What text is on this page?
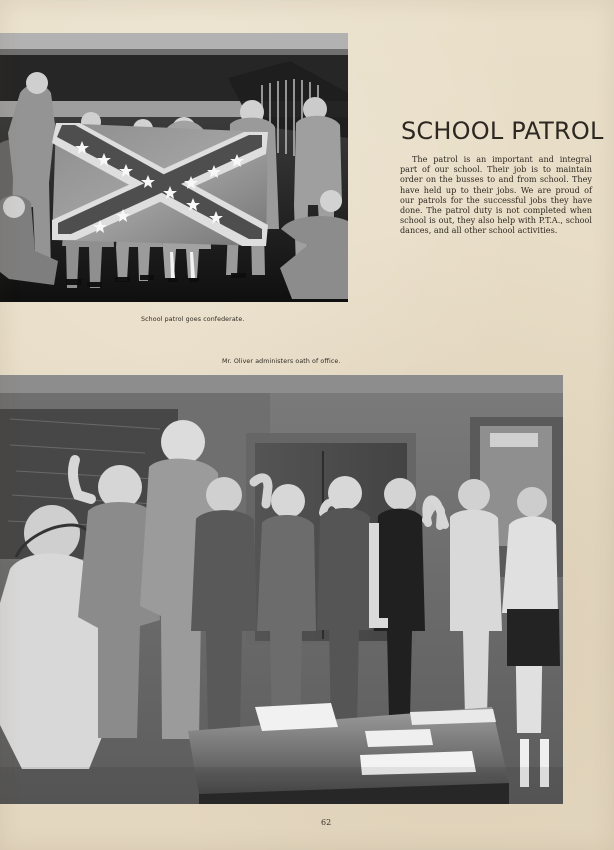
School patrol goes confederate.
SCHOOL PATROL
The patrol is an important and integral part of our school. Their job is to maintain order on the busses to and from school. They have held up to their jobs. We are proud of our patrols for the successful jobs they have done. The patrol duty is not completed when school is out, they also help with P.T.A., school dances, and all other school activities.
Mr. Oliver administers oath of office.
62
